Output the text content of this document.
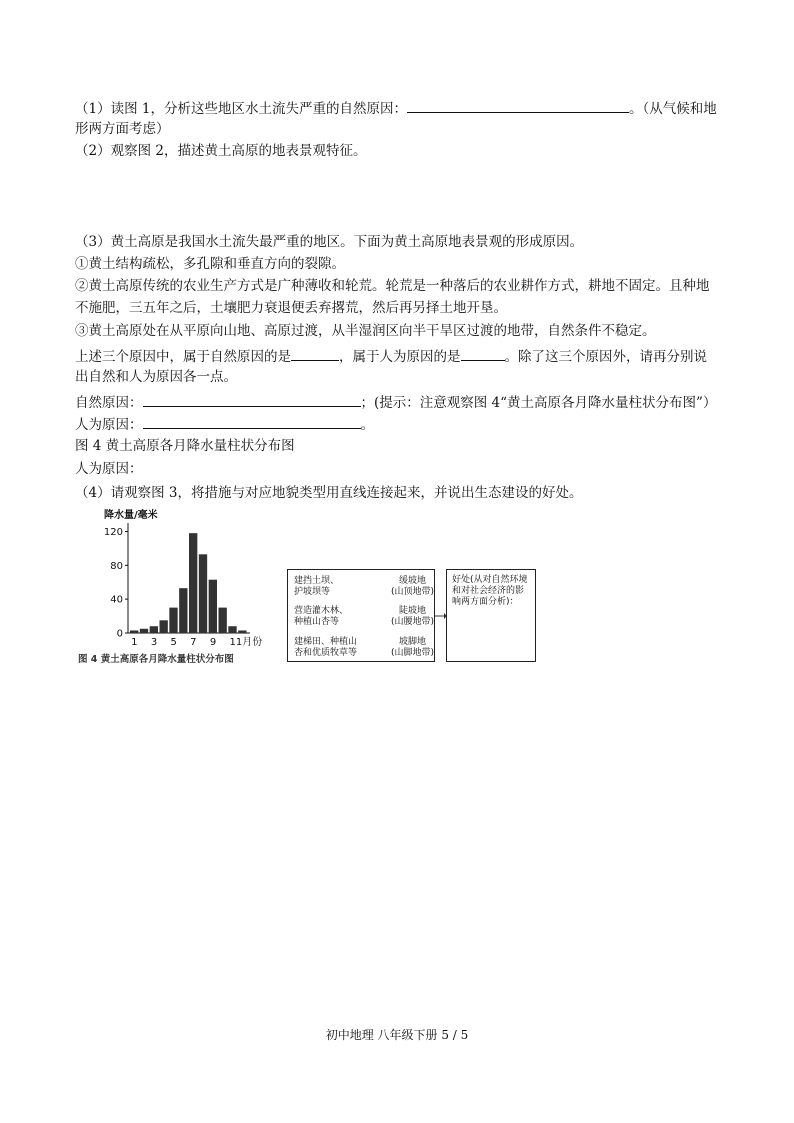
（1）读图 1，分析这些地区水土流失严重的自然原因：	。（从气候和地
形两方面考虑）
（2）观察图 2，描述黄土高原的地表景观特征。
（3）黄土高原是我国水土流失最严重的地区。下面为黄土高原地表景观的形成原因。
①黄土结构疏松，多孔隙和垂直方向的裂隙。
②黄土高原传统的农业生产方式是广种薄收和轮荒。轮荒是一种落后的农业耕作方式，耕地不固定。且种地
不施肥，三五年之后，土壤肥力衰退便丢弃撂荒，然后再另择土地开垦。
③黄土高原处在从平原向山地、高原过渡，从半湿润区向半干旱区过渡的地带，自然条件不稳定。
上述三个原因中，属于自然原因的是	，属于人为原因的是	。除了这三个原因外，请再分别说
出自然和人为原因各一点。
自然原因：	；(提示：注意观察图 4“黄土高原各月降水量柱状分布图”）
人为原因：	。
图 4 黄土高原各月降水量柱状分布图
人为原因：
（4）请观察图 3，将措施与对应地貌类型用直线连接起来，并说出生态建设的好处。
降水量/毫米
0
40
80
120
1 3 5 7 9 11月份
图 4 黄土高原各月降水量柱状分布图
建挡土坝、
护坡坝等
营造灌木林、
种植山杏等
建梯田、种植山
杏和优质牧草等
缓坡地
(山顶地带)
陡坡地
(山腰地带)
坡脚地
(山脚地带)
好处(从对自然环境
和对社会经济的影
响两方面分析)：
初中地理 八年级下册 5 / 5
